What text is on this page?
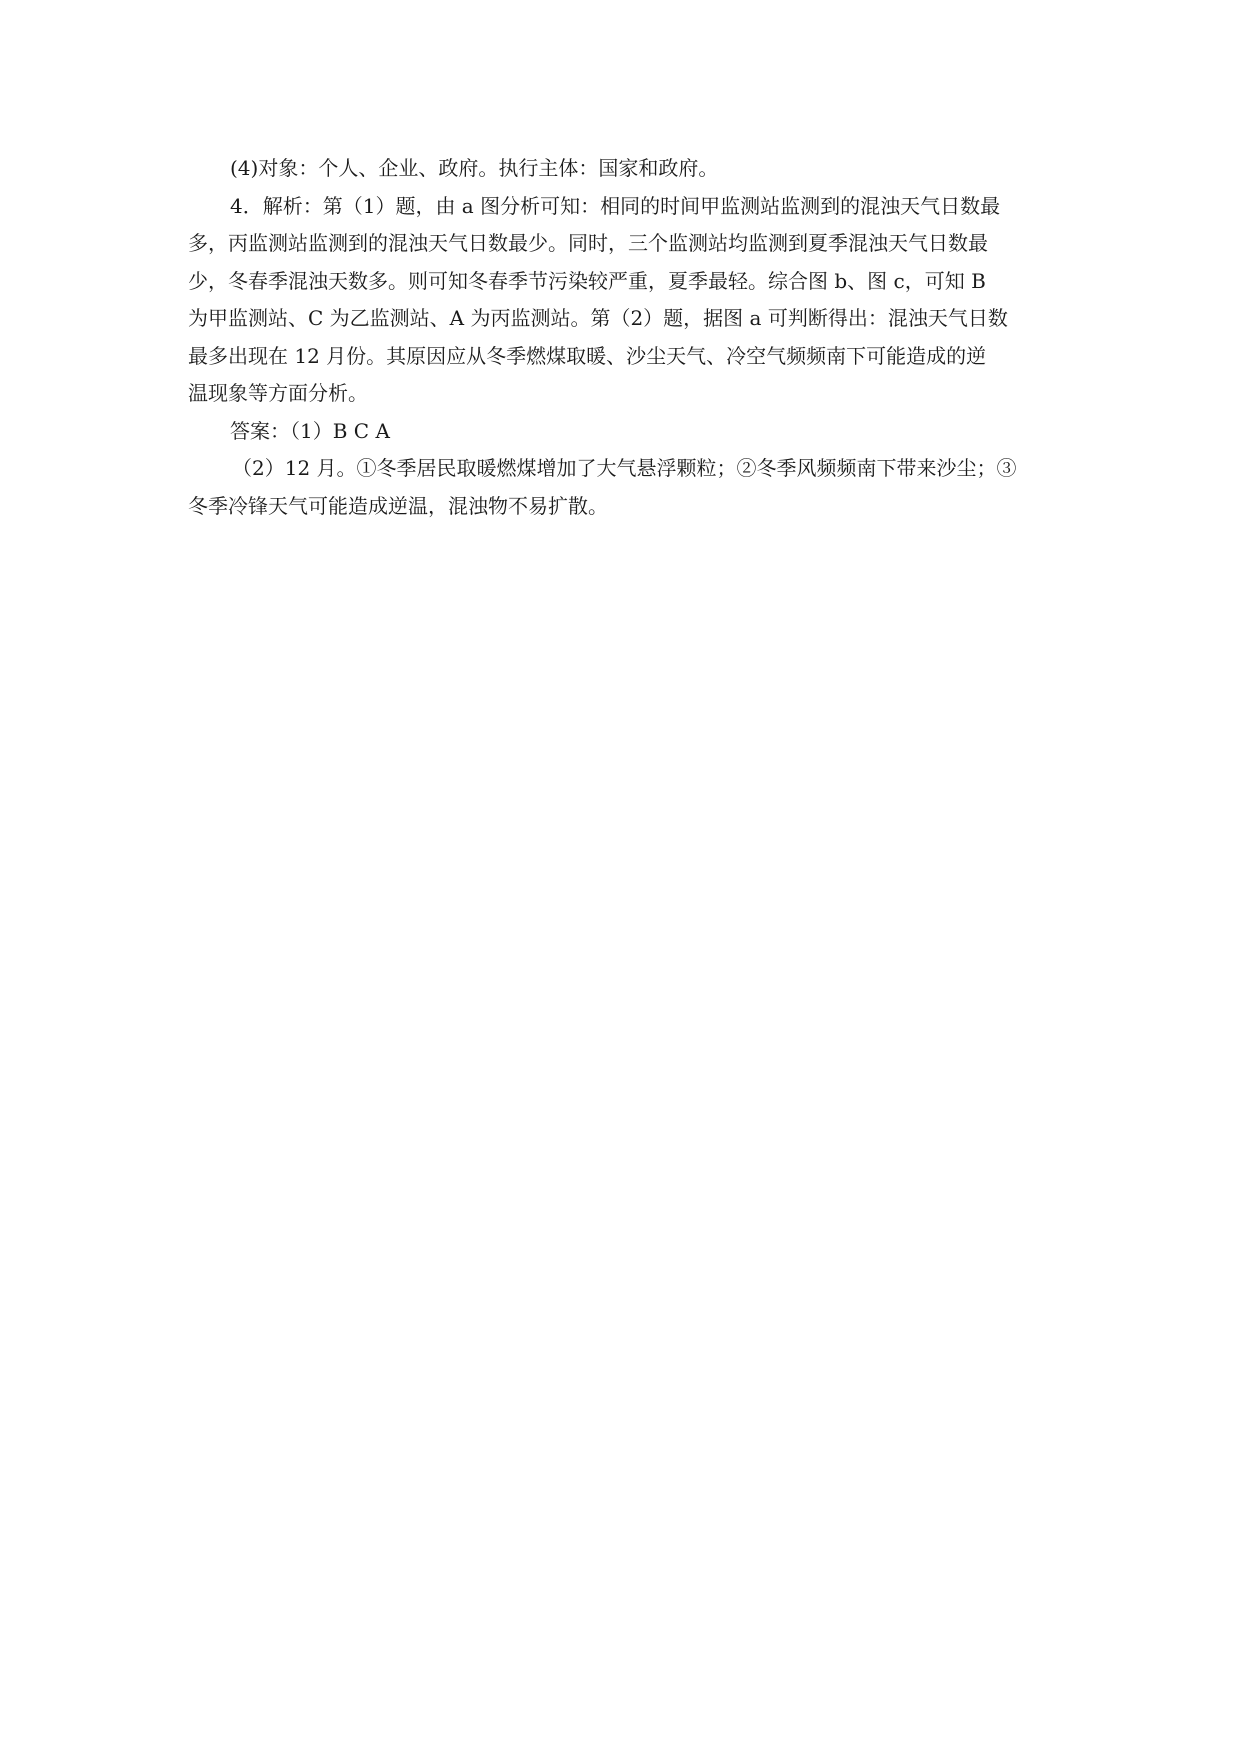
(4)对象：个人、企业、政府。执行主体：国家和政府。

4．解析：第（1）题，由 a 图分析可知：相同的时间甲监测站监测到的混浊天气日数最
多，丙监测站监测到的混浊天气日数最少。同时，三个监测站均监测到夏季混浊天气日数最
少，冬春季混浊天数多。则可知冬春季节污染较严重，夏季最轻。综合图 b、图 c，可知 B
为甲监测站、C 为乙监测站、A 为丙监测站。第（2）题，据图 a 可判断得出：混浊天气日数
最多出现在 12 月份。其原因应从冬季燃煤取暖、沙尘天气、冷空气频频南下可能造成的逆
温现象等方面分析。

答案：（1）B C A

（2）12 月。①冬季居民取暖燃煤增加了大气悬浮颗粒；②冬季风频频南下带来沙尘；③
冬季冷锋天气可能造成逆温，混浊物不易扩散。
